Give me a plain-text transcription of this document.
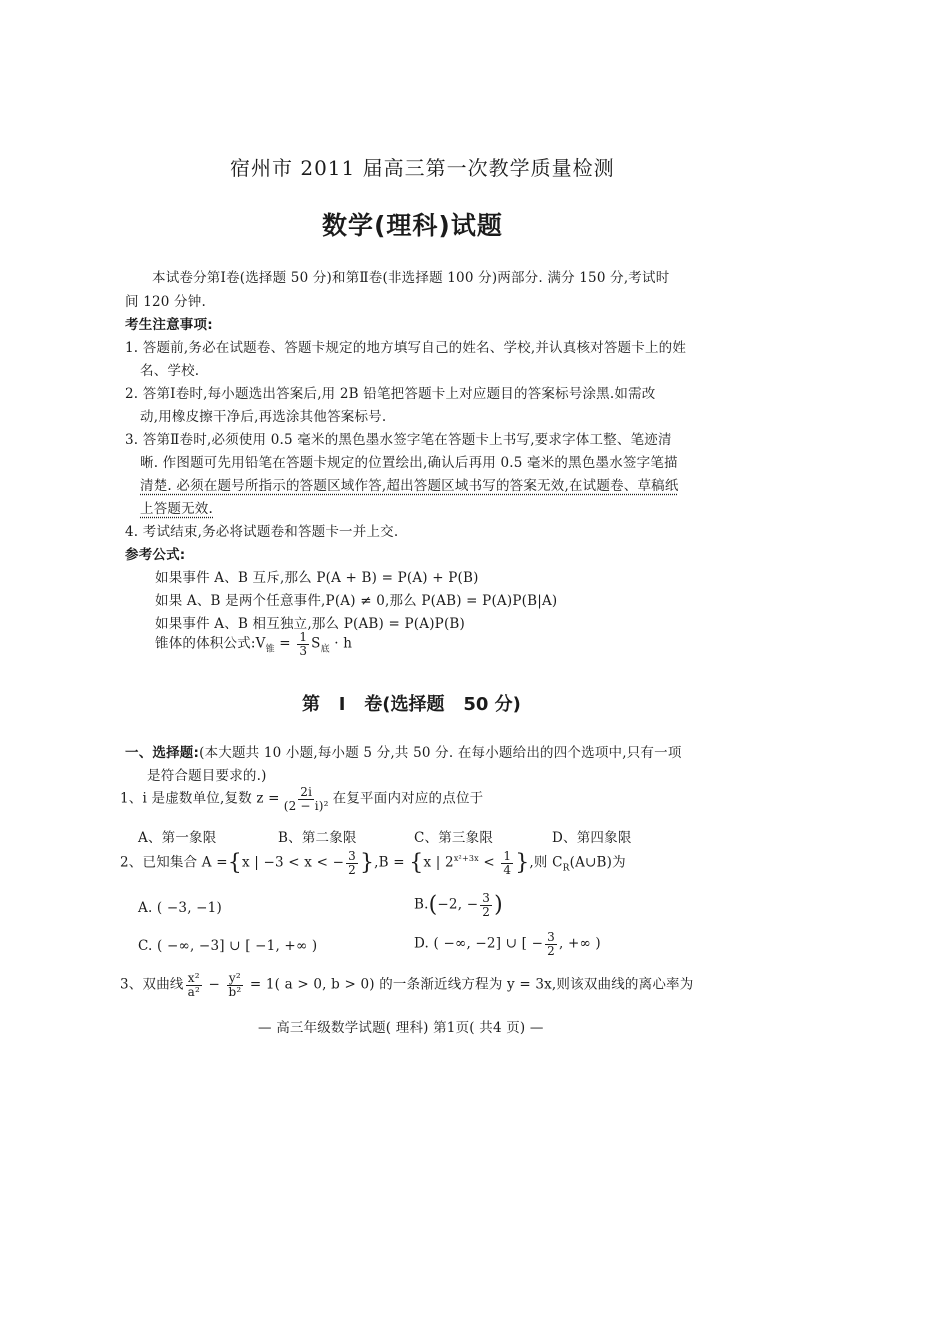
宿州市 2011 届高三第一次教学质量检测
数学(理科)试题
本试卷分第Ⅰ卷(选择题 50 分)和第Ⅱ卷(非选择题 100 分)两部分. 满分 150 分,考试时
间 120 分钟.
考生注意事项:
1. 答题前,务必在试题卷、答题卡规定的地方填写自己的姓名、学校,并认真核对答题卡上的姓
名、学校.
2. 答第Ⅰ卷时,每小题选出答案后,用 2B 铅笔把答题卡上对应题目的答案标号涂黑.如需改
动,用橡皮擦干净后,再选涂其他答案标号.
3. 答第Ⅱ卷时,必须使用 0.5 毫米的黑色墨水签字笔在答题卡上书写,要求字体工整、笔迹清
晰. 作图题可先用铅笔在答题卡规定的位置绘出,确认后再用 0.5 毫米的黑色墨水签字笔描
清楚. 必须在题号所指示的答题区域作答,超出答题区域书写的答案无效,在试题卷、草稿纸
上答题无效.
4. 考试结束,务必将试题卷和答题卡一并上交.
参考公式:
如果事件 A、B 互斥,那么 P(A + B) = P(A) + P(B)
如果 A、B 是两个任意事件,P(A) ≠ 0,那么 P(AB) = P(A)P(B|A)
如果事件 A、B 相互独立,那么 P(AB) = P(A)P(B)
锥体的体积公式$:V_锥 = \frac{1}{3} S_底 \cdot h$
第   Ⅰ   卷(选择题   50 分)
一、选择题:(本大题共 10 小题,每小题 5 分,共 50 分. 在每小题给出的四个选项中,只有一项
是符合题目要求的.)
1、i 是虚数单位,复数 $z = \frac{2i}{\text{(2 − i)²}}$ 在复平面内对应的点位于
A、第一象限	B、第二象限	C、第三象限	D、第四象限
2、已知集合 A ={x | −3 < x < − $\frac{3}{2} \},B = \{x$ | $2^{x^2+3x} < \frac{1}{4}$ },则 $C_R(A\cup B)$为
A. ( −3, −1)	B.(−2, − $\frac{3}{2}$ )
C. ( −∞, −3] ∪ [ −1, +∞ )	D. ( −∞, −2] ∪ [ − $\frac{3}{2}$ , +∞ )
3、双曲线 $\frac{\text{x²}}{\text{a²}} - \frac{\text{y²}}{\text{b²}} = 1$( a > 0, b > 0) 的一条渐近线方程为 y = 3x,则该双曲线的离心率为
— 高三年级数学试题( 理科) 第1页( 共4 页) —
